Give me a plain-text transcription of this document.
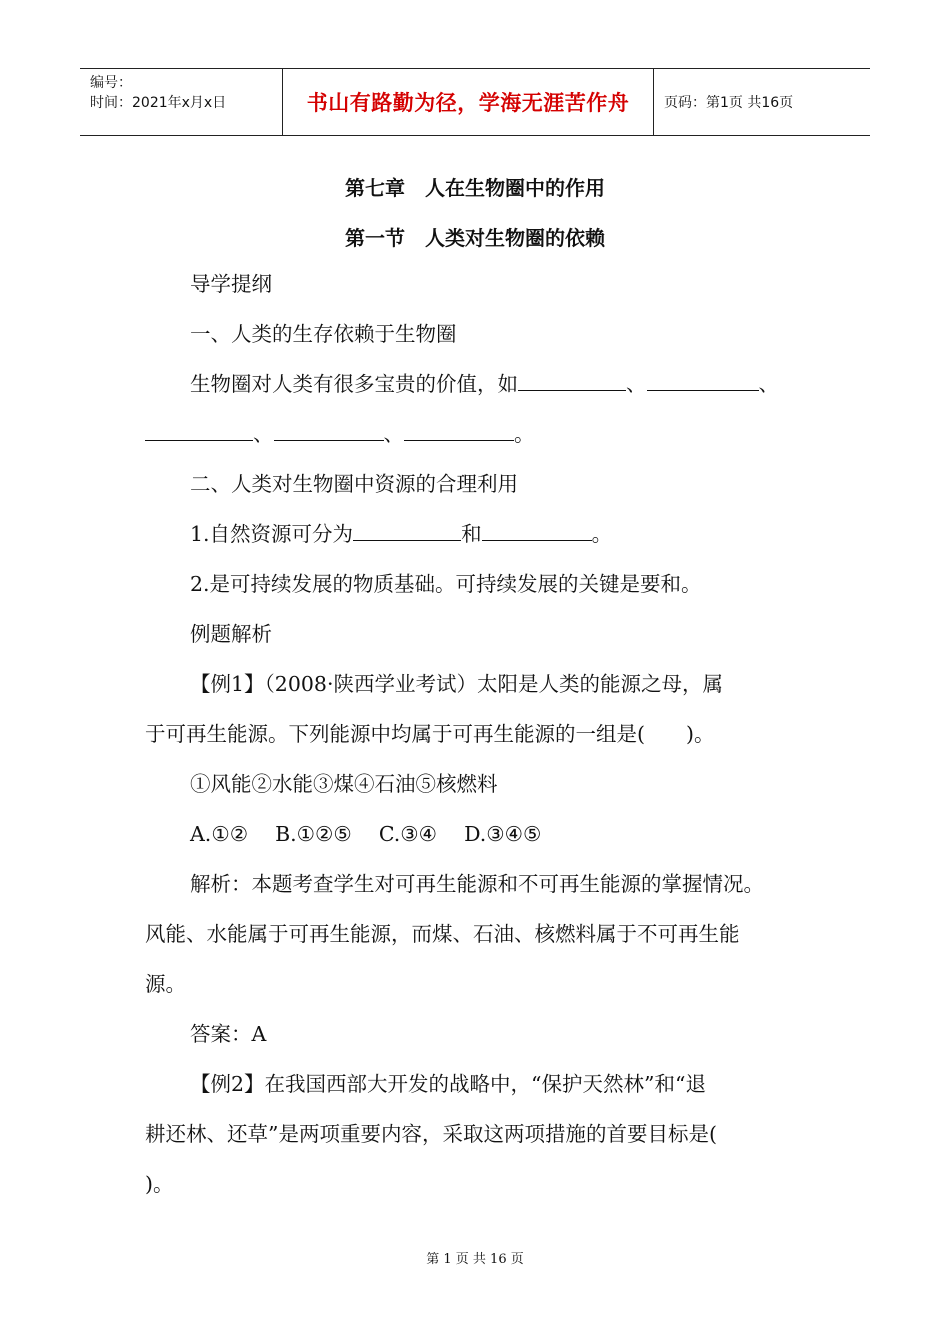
编号：
时间：2021年x月x日	书山有路勤为径，学海无涯苦作舟 页码：第1页 共16页
第七章　人在生物圈中的作用
第一节　人类对生物圈的依赖
导学提纲
一、人类的生存依赖于生物圈
生物圈对人类有很多宝贵的价值，如	、	、
、	、	。
二、人类对生物圈中资源的合理利用
1.自然资源可分为	和	。
2.是可持续发展的物质基础。可持续发展的关键是要和。
例题解析
【例1】（2008·陕西学业考试）太阳是人类的能源之母，属
于可再生能源。下列能源中均属于可再生能源的一组是(　　)。
①风能②水能③煤④石油⑤核燃料
A.①②　 B.①②⑤　 C.③④　 D.③④⑤
解析：本题考查学生对可再生能源和不可再生能源的掌握情况。
风能、水能属于可再生能源，而煤、石油、核燃料属于不可再生能
源。
答案：A
【例2】在我国西部大开发的战略中，“保护天然林”和“退
耕还林、还草”是两项重要内容，采取这两项措施的首要目标是(
)。
第 1 页 共 16 页
